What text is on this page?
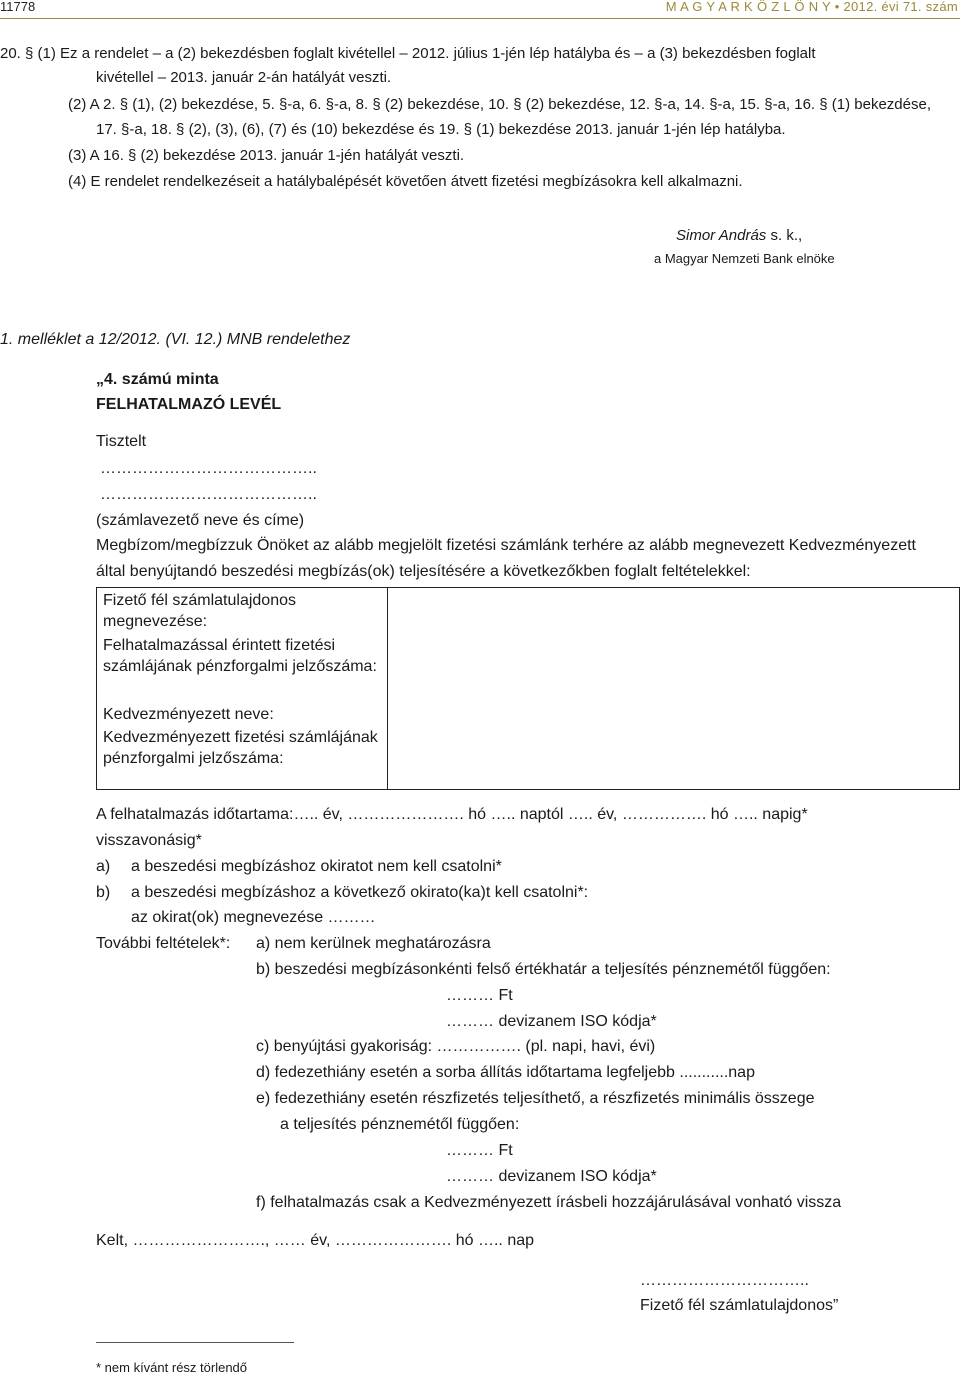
11778	M A G Y A R K Ö Z L Ö N Y • 2012. évi 71. szám
20. § (1) Ez a rendelet – a (2) bekezdésben foglalt kivétellel – 2012. július 1-jén lép hatályba és – a (3) bekezdésben foglalt
kivétellel – 2013. január 2-án hatályát veszti.
(2) A 2. § (1), (2) bekezdése, 5. §-a, 6. §-a, 8. § (2) bekezdése, 10. § (2) bekezdése, 12. §-a, 14. §-a, 15. §-a, 16. § (1) bekezdése,
17. §-a, 18. § (2), (3), (6), (7) és (10) bekezdése és 19. § (1) bekezdése 2013. január 1-jén lép hatályba.
(3) A 16. § (2) bekezdése 2013. január 1-jén hatályát veszti.
(4) E rendelet rendelkezéseit a hatálybalépését követően átvett fizetési megbízásokra kell alkalmazni.
Simor András s. k.,
a Magyar Nemzeti Bank elnöke
1. melléklet a 12/2012. (VI. 12.) MNB rendelethez
„4. számú minta
FELHATALMAZÓ LEVÉL
Tisztelt
…………………………………..
…………………………………..
(számlavezető neve és címe)
Megbízom/megbízzuk Önöket az alább megjelölt fizetési számlánk terhére az alább megnevezett Kedvezményezett
által benyújtandó beszedési megbízás(ok) teljesítésére a következőkben foglalt feltételekkel:
Fizető fél számlatulajdonos megnevezése:
Felhatalmazással érintett fizetési számlájának pénzforgalmi jelzőszáma:
Kedvezményezett neve:
Kedvezményezett fizetési számlájának pénzforgalmi jelzőszáma:
A felhatalmazás időtartama:….. év, …………………. hó ….. naptól ….. év, ……………. hó ….. napig*
visszavonásig*
a) a beszedési megbízáshoz okiratot nem kell csatolni*
b) a beszedési megbízáshoz a következő okirato(ka)t kell csatolni*:
az okirat(ok) megnevezése ………
További feltételek*: a) nem kerülnek meghatározásra
b) beszedési megbízásonkénti felső értékhatár a teljesítés pénznemétől függően:
……… Ft
……… devizanem ISO kódja*
c) benyújtási gyakoriság: ……………. (pl. napi, havi, évi)
d) fedezethiány esetén a sorba állítás időtartama legfeljebb ...........nap
e) fedezethiány esetén részfizetés teljesíthető, a részfizetés minimális összege
a teljesítés pénznemétől függően:
……… Ft
……… devizanem ISO kódja*
f) felhatalmazás csak a Kedvezményezett írásbeli hozzájárulásával vonható vissza
Kelt, ……………………., …… év, …………………. hó ….. nap
…………………………..
Fizető fél számlatulajdonos”
* nem kívánt rész törlendő
